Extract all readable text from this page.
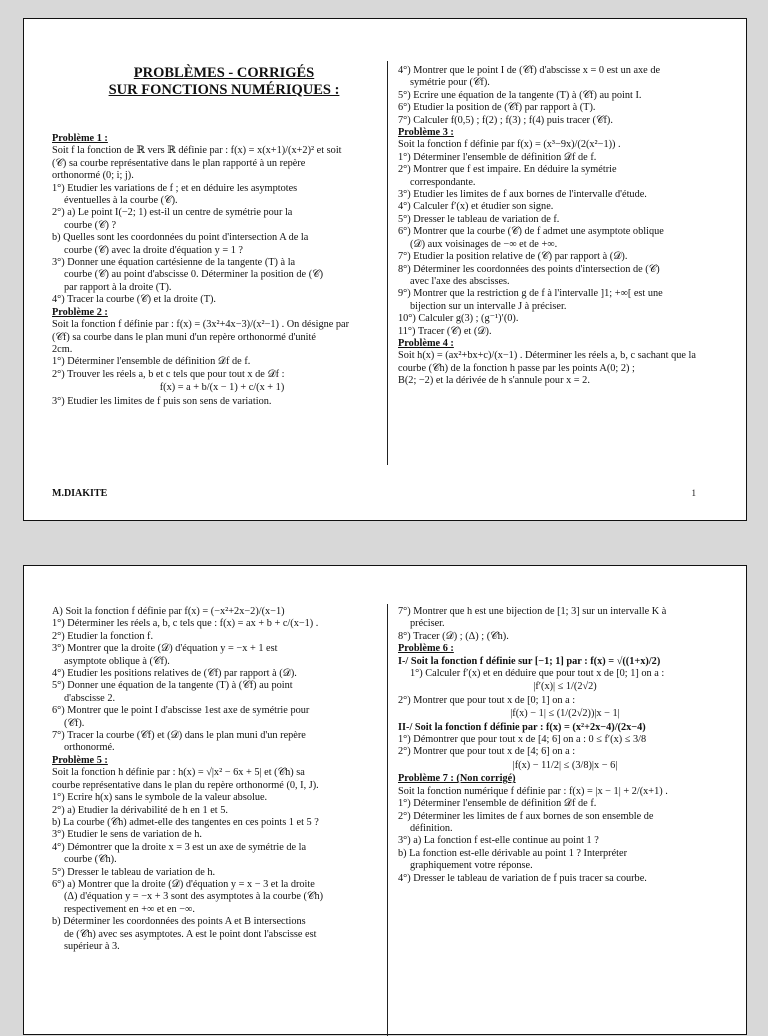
PROBLÈMES - CORRIGÉS
SUR FONCTIONS NUMÉRIQUES :

Problème 1 :

Soit f la fonction de ℝ vers ℝ définie par : f(x) = x(x+1)/(x+2)² et soit

(𝒞) sa courbe représentative dans le plan rapporté à un repère

orthonormé (0; i; j).

1°) Etudier les variations de f ; et en déduire les asymptotes

éventuelles à la courbe (𝒞).

2°) a) Le point I(−2; 1) est-il un centre de symétrie pour la

courbe (𝒞) ?

b) Quelles sont les coordonnées du point d'intersection A de la

courbe (𝒞) avec la droite d'équation y = 1 ?

3°) Donner une équation cartésienne de la tangente (T) à la

courbe (𝒞) au point d'abscisse 0. Déterminer la position de (𝒞)

par rapport à la droite (T).

4°) Tracer la courbe (𝒞) et la droite (T).

Problème 2 :

Soit la fonction f définie par : f(x) = (3x²+4x−3)/(x²−1) . On désigne par

(𝒞f) sa courbe dans le plan muni d'un repère orthonormé d'unité

2cm.

1°) Déterminer l'ensemble de définition 𝒟f de f.

2°) Trouver les réels a, b et c tels que pour tout x de 𝒟f :

f(x) = a + b/(x − 1) + c/(x + 1)

3°) Etudier les limites de f puis son sens de variation.

4°) Montrer que le point I de (𝒞f) d'abscisse x = 0 est un axe de

symétrie pour (𝒞f).

5°) Ecrire une équation de la tangente (T) à (𝒞f) au point I.

6°) Etudier la position de (𝒞f) par rapport à (T).

7°) Calculer f(0,5) ; f(2) ; f(3) ; f(4) puis tracer (𝒞f).

Problème 3 :

Soit la fonction f définie par f(x) = (x³−9x)/(2(x²−1)) .

1°) Déterminer l'ensemble de définition 𝒟f de f.

2°) Montrer que f est impaire. En déduire la symétrie

correspondante.

3°) Etudier les limites de f aux bornes de l'intervalle d'étude.

4°) Calculer f′(x) et étudier son signe.

5°) Dresser le tableau de variation de f.

6°) Montrer que la courbe (𝒞) de f admet une asymptote oblique

(𝒟) aux voisinages de −∞ et de +∞.

7°) Etudier la position relative de (𝒞) par rapport à (𝒟).

8°) Déterminer les coordonnées des points d'intersection de (𝒞)

avec l'axe des abscisses.

9°) Montrer que la restriction g de f à l'intervalle ]1; +∞[ est une

bijection sur un intervalle J à préciser.

10°) Calculer g(3) ; (g⁻¹)′(0).

11°) Tracer (𝒞) et (𝒟).

Problème 4 :

Soit h(x) = (ax²+bx+c)/(x−1) . Déterminer les réels a, b, c sachant que la

courbe (𝒞h) de la fonction h passe par les points A(0; 2) ;

B(2; −2) et la dérivée de h s'annule pour x = 2.

M.DIAKITE	1

A) Soit la fonction f définie par f(x) = (−x²+2x−2)/(x−1)

1°) Déterminer les réels a, b, c tels que : f(x) = ax + b + c/(x−1) .

2°) Etudier la fonction f.

3°) Montrer que la droite (𝒟) d'équation y = −x + 1 est

asymptote oblique à (𝒞f).

4°) Etudier les positions relatives de (𝒞f) par rapport à (𝒟).

5°) Donner une équation de la tangente (T) à (𝒞f) au point

d'abscisse 2.

6°) Montrer que le point I d'abscisse 1est axe de symétrie pour

(𝒞f).

7°) Tracer la courbe (𝒞f) et (𝒟) dans le plan muni d'un repère

orthonormé.

Problème 5 :

Soit la fonction h définie par : h(x) = √|x² − 6x + 5| et (𝒞h) sa

courbe représentative dans le plan du repère orthonormé (0, I, J).

1°) Ecrire h(x) sans le symbole de la valeur absolue.

2°) a) Etudier la dérivabilité de h en 1 et 5.

b) La courbe (𝒞h) admet-elle des tangentes en ces points 1 et 5 ?

3°) Etudier le sens de variation de h.

4°) Démontrer que la droite x = 3 est un axe de symétrie de la

courbe (𝒞h).

5°) Dresser le tableau de variation de h.

6°) a) Montrer que la droite (𝒟) d'équation y = x − 3 et la droite

(Δ) d'équation y = −x + 3 sont des asymptotes à la courbe (𝒞h)

respectivement en +∞ et en −∞.

b) Déterminer les coordonnées des points A et B intersections

de (𝒞h) avec ses asymptotes. A est le point dont l'abscisse est

supérieur à 3.

7°) Montrer que h est une bijection de [1; 3] sur un intervalle K à

préciser.

8°) Tracer (𝒟) ; (Δ) ; (𝒞h).

Problème 6 :

I-/ Soit la fonction f définie sur [−1; 1] par : f(x) = √((1+x)/2)

1°) Calculer f′(x) et en déduire que pour tout x de [0; 1] on a :

|f′(x)| ≤ 1/(2√2)

2°) Montrer que pour tout x de [0; 1] on a :

|f(x) − 1| ≤ (1/(2√2))|x − 1|

II-/ Soit la fonction f définie par : f(x) = (x²+2x−4)/(2x−4)

1°) Démontrer que pour tout x de [4; 6] on a : 0 ≤ f′(x) ≤ 3/8

2°) Montrer que pour tout x de [4; 6] on a :

|f(x) − 11/2| ≤ (3/8)|x − 6|

Problème 7 : (Non corrigé)

Soit la fonction numérique f définie par : f(x) = |x − 1| + 2/(x+1) .

1°) Déterminer l'ensemble de définition 𝒟f de f.

2°) Déterminer les limites de f aux bornes de son ensemble de

définition.

3°) a) La fonction f est-elle continue au point 1 ?

b) La fonction est-elle dérivable au point 1 ? Interpréter

graphiquement votre réponse.

4°) Dresser le tableau de variation de f puis tracer sa courbe.
